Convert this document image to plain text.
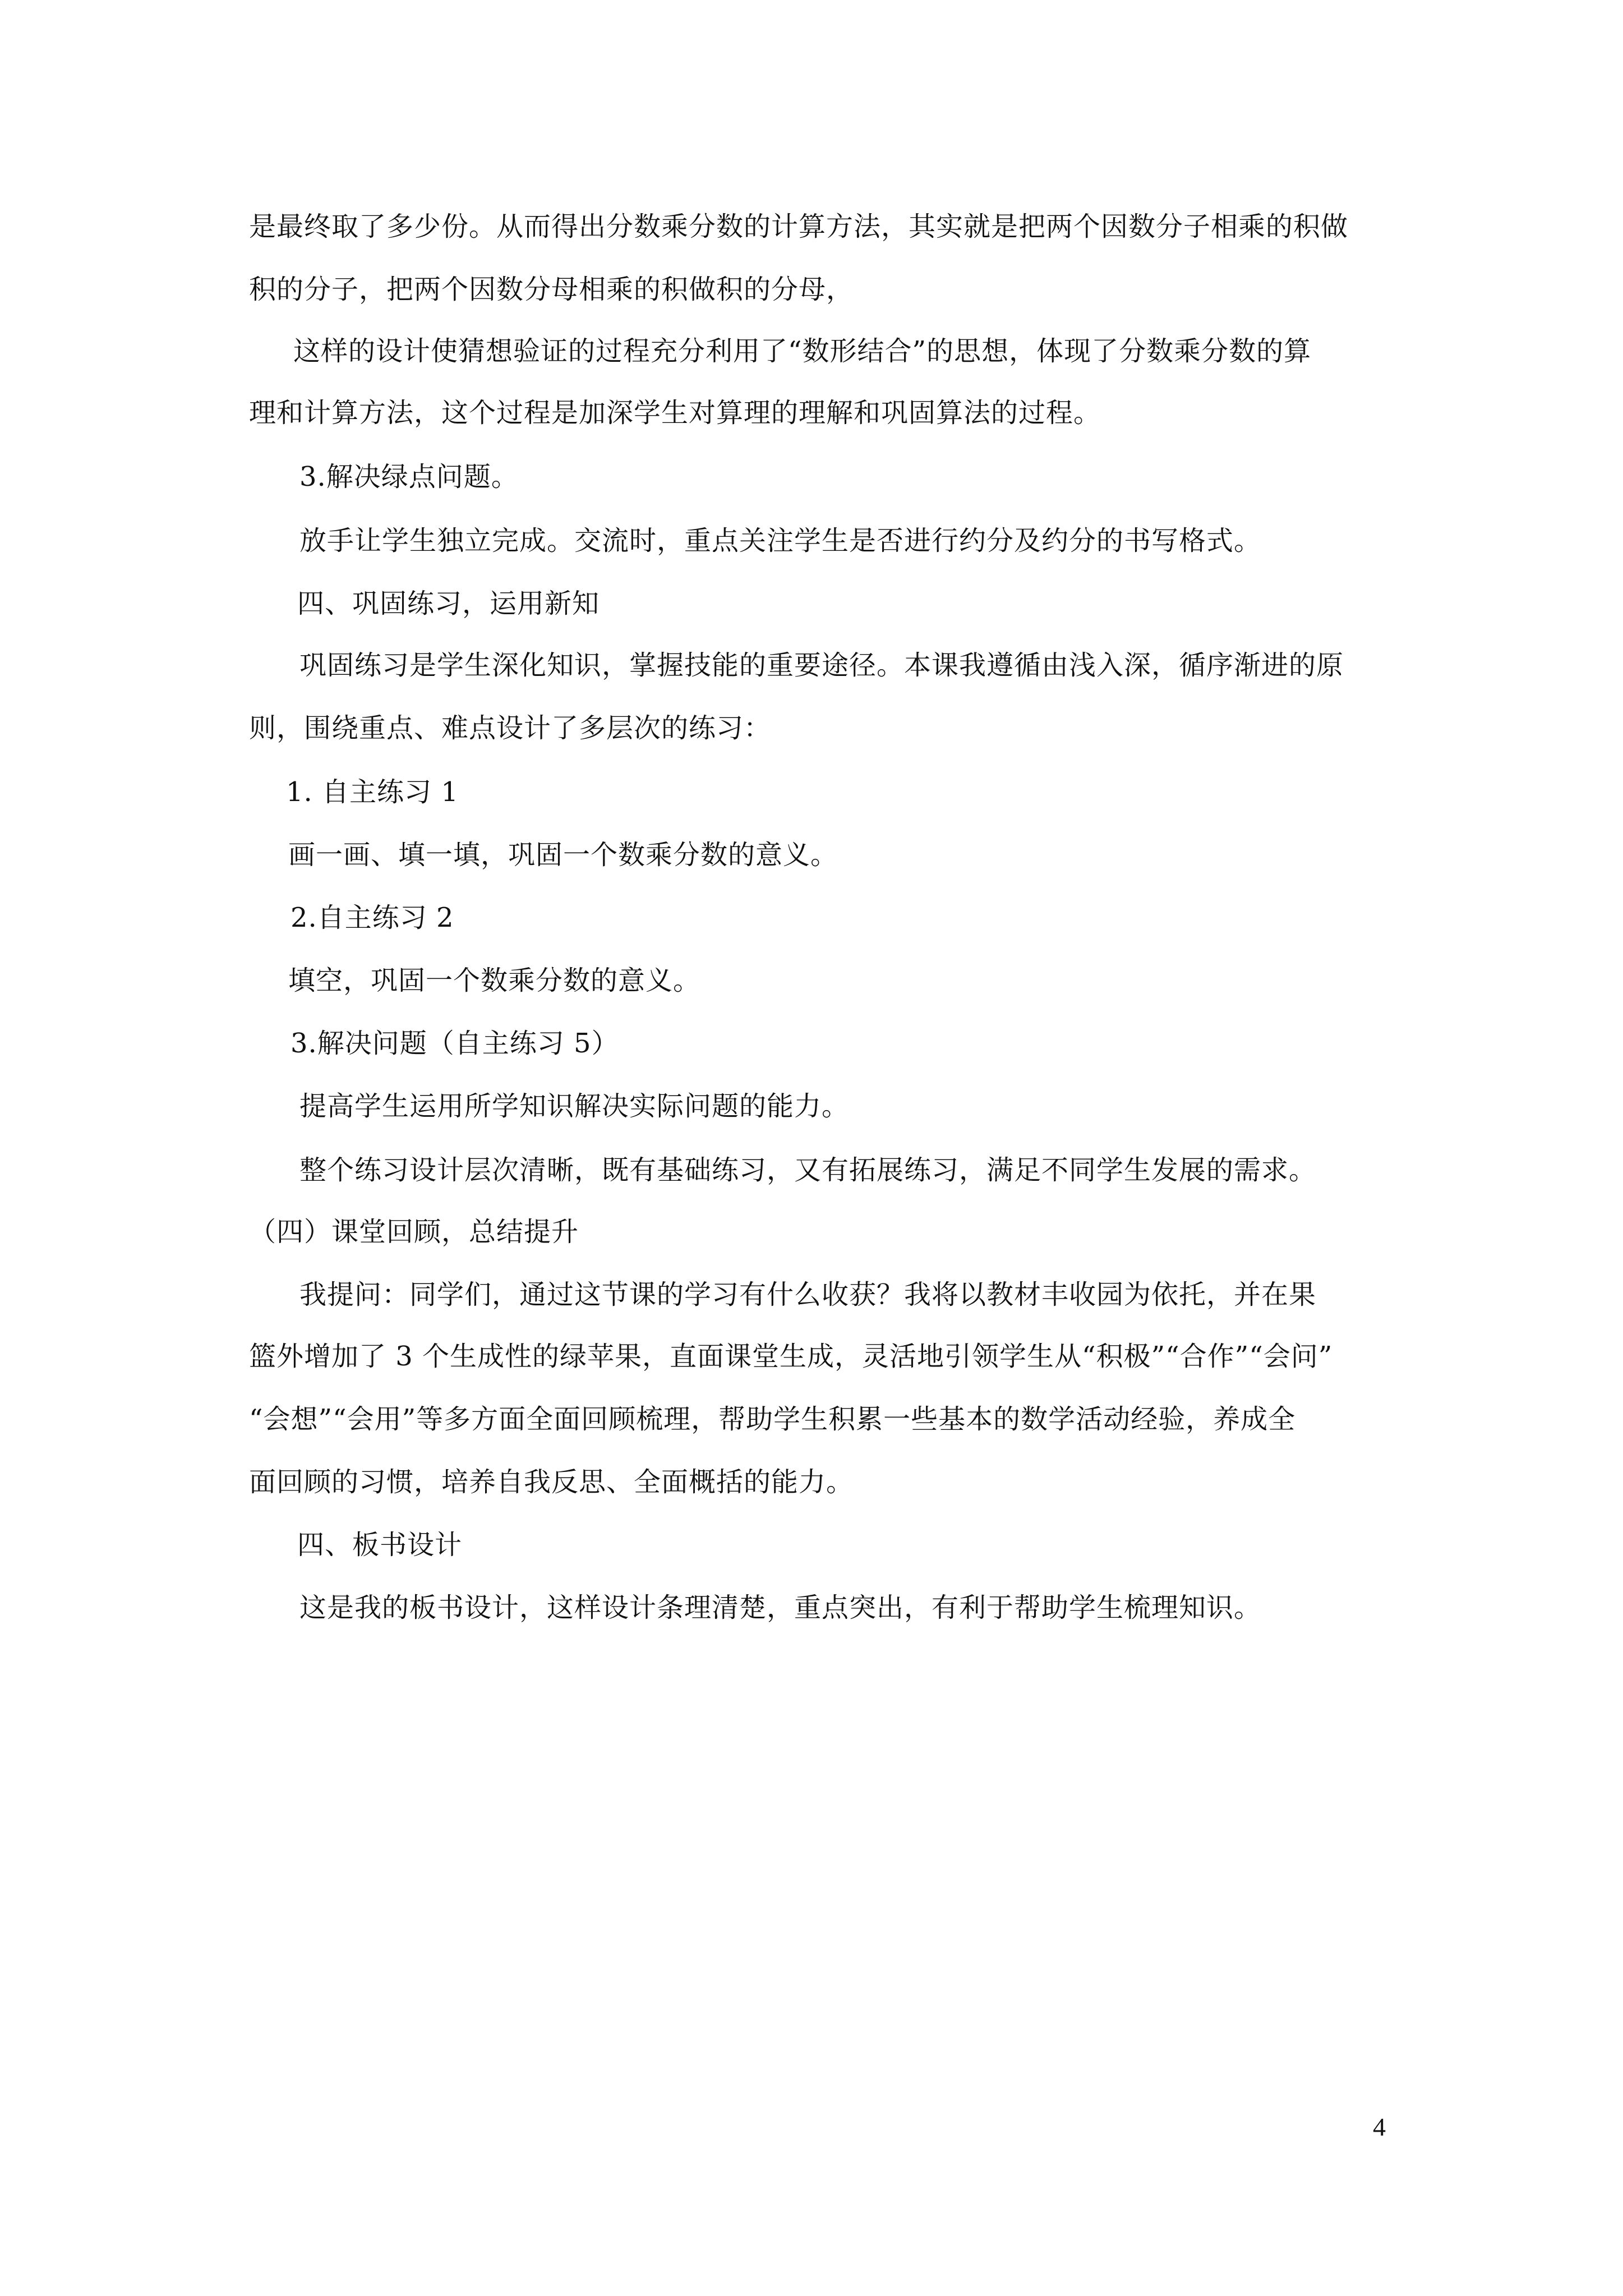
是最终取了多少份。从而得出分数乘分数的计算方法，其实就是把两个因数分子相乘的积做
积的分子，把两个因数分母相乘的积做积的分母，
这样的设计使猜想验证的过程充分利用了“数形结合”的思想，体现了分数乘分数的算
理和计算方法，这个过程是加深学生对算理的理解和巩固算法的过程。
3.解决绿点问题。
放手让学生独立完成。交流时，重点关注学生是否进行约分及约分的书写格式。
四、巩固练习，运用新知
巩固练习是学生深化知识，掌握技能的重要途径。本课我遵循由浅入深，循序渐进的原
则，围绕重点、难点设计了多层次的练习：
1. 自主练习 1
画一画、填一填，巩固一个数乘分数的意义。
2.自主练习 2
填空，巩固一个数乘分数的意义。
3.解决问题（自主练习 5）
提高学生运用所学知识解决实际问题的能力。
整个练习设计层次清晰，既有基础练习，又有拓展练习，满足不同学生发展的需求。
（四）课堂回顾，总结提升
我提问：同学们，通过这节课的学习有什么收获？我将以教材丰收园为依托，并在果
篮外增加了 3 个生成性的绿苹果，直面课堂生成，灵活地引领学生从“积极”“合作”“会问”
“会想”“会用”等多方面全面回顾梳理，帮助学生积累一些基本的数学活动经验，养成全
面回顾的习惯，培养自我反思、全面概括的能力。
四、板书设计
这是我的板书设计，这样设计条理清楚，重点突出，有利于帮助学生梳理知识。
4
